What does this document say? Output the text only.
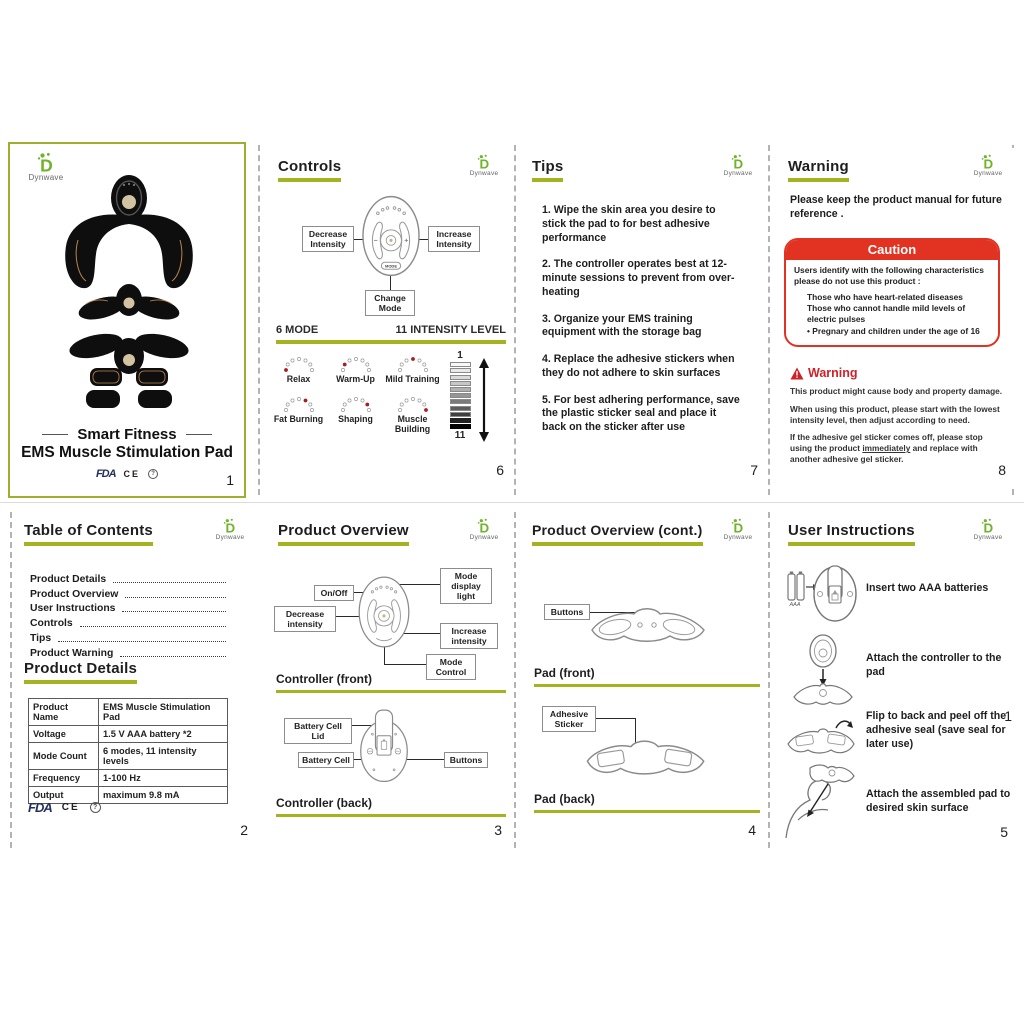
D
Dynwave
Smart Fitness
EMS Muscle Stimulation Pad
FDA CE	?	1
Controls	D
Dynwave
MODE
Decrease Intensity
Increase Intensity
Change Mode
6 MODE	11 INTENSITY LEVEL
Relax	Warm-Up	Mild Training
Fat Burning	Shaping	Muscle Building
1
11
6
Tips	D
Dynwave

1. Wipe the skin area you desire to stick the pad to for best adhesive performance

2. The controller operates best at 12-minute sessions to prevent from over-heating

3. Organize your EMS training equipment with the storage bag

4. Replace the adhesive stickers when they do not adhere to skin surfaces

5. For best adhering performance, save the plastic sticker seal and place it back on the sticker after use

7
Warning	D
Dynwave
Please keep the product manual for future reference .
Caution
Users identify with the following characteristics please do not use this product :
Those who have heart-related diseases
Those who cannot handle mild levels of electric pulses
• Pregnary and children under the age of 16
Warning
This product might cause body and property damage.
When using this product, please start with the lowest intensity level, then adjust according to need.
If the adhesive gel sticker comes off, please stop using the product immediately and replace with another adhesive gel sticker.
8
Table of Contents	D
Dynwave
Product Details
Product Overview
User Instructions
Controls
Tips
Product Warning
Product Details
Product Name	EMS Muscle Stimulation Pad
Voltage	1.5 V AAA battery *2
Mode Count	6 modes, 11 intensity levels
Frequency	1-100 Hz
Output	maximum 9.8 mA
FDA CE	?
2
Product Overview	D
Dynwave
On/Off
Mode display light
Decrease intensity
Increase intensity
Mode Control
Controller (front)
Battery Cell Lid
Battery Cell	Buttons
Controller (back)
3
Product Overview (cont.) D
Dynwave
Buttons
Pad (front)
Adhesive Sticker
Pad (back)
4
User Instructions	D
Dynwave
AAA
Insert two AAA batteries
Attach the controller to the pad
Flip to back and peel off the adhesive seal (save seal for later use)
Attach the assembled pad to desired skin surface
1
5
